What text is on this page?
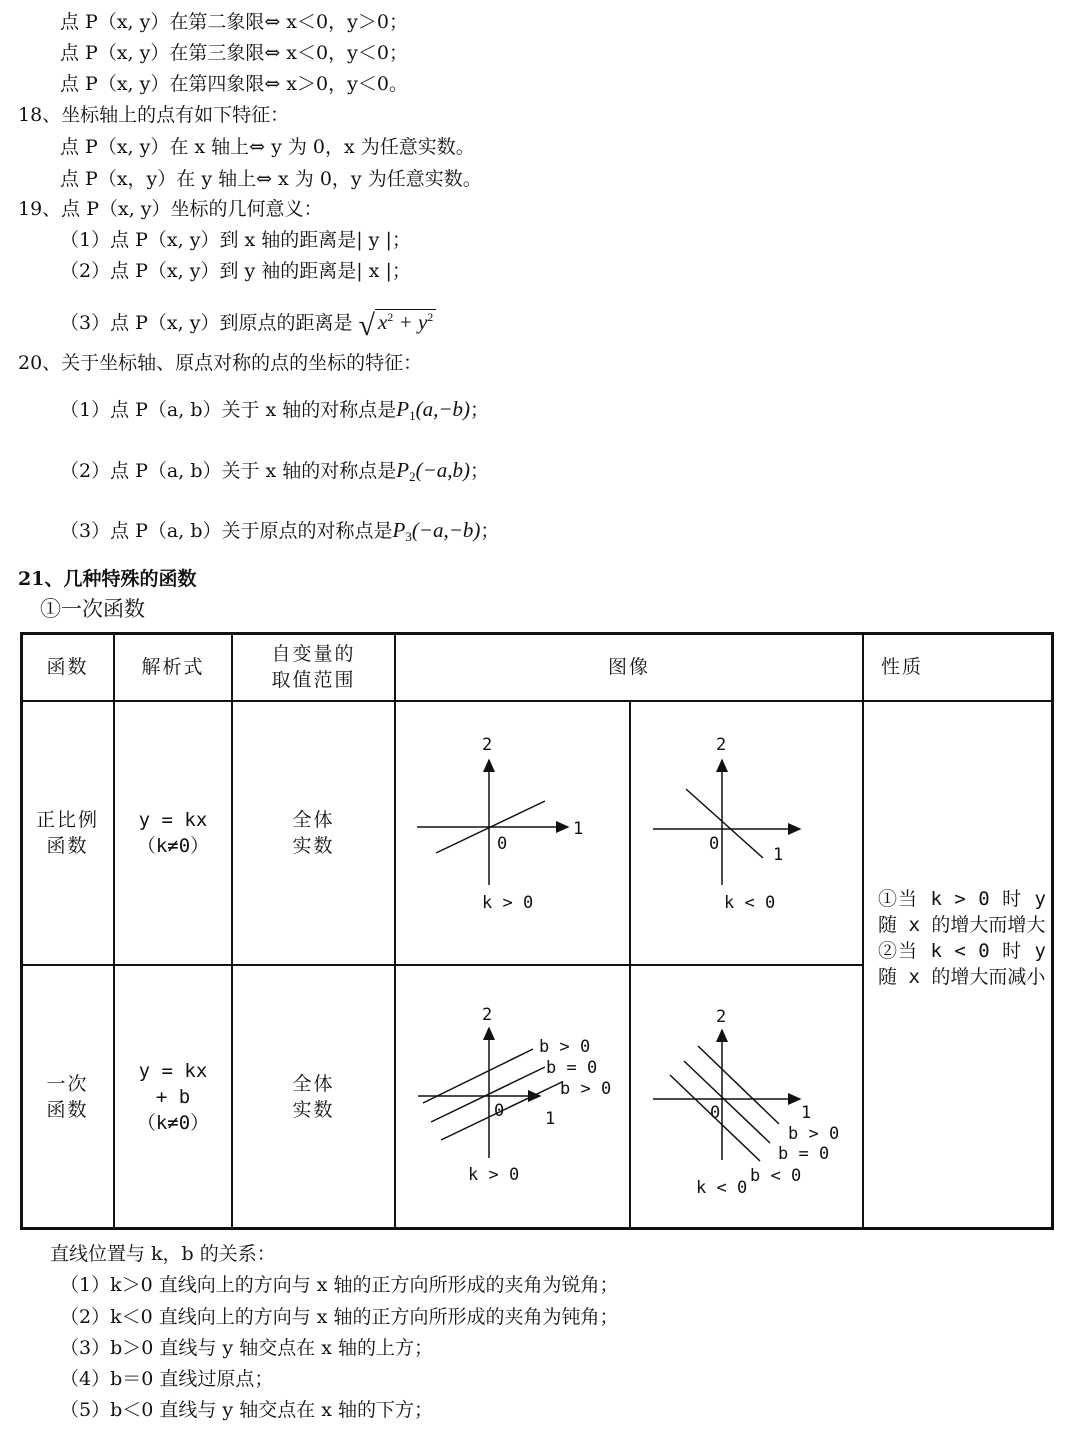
点 P（x, y）在第二象限⇔ x＜0，y＞0；
点 P（x, y）在第三象限⇔ x＜0，y＜0；
点 P（x, y）在第四象限⇔ x＞0，y＜0。
18、坐标轴上的点有如下特征：
点 P（x, y）在 x 轴上⇔ y 为 0，x 为任意实数。
点 P（x，y）在 y 轴上⇔ x 为 0，y 为任意实数。
19、点 P（x, y）坐标的几何意义：
（1）点 P（x, y）到 x 轴的距离是| y |；
（2）点 P（x, y）到 y 袖的距离是| x |；
（3）点 P（x, y）到原点的距离是 √ $x^2 + y^2$
20、关于坐标轴、原点对称的点的坐标的特征：
（1）点 P（a, b）关于 x 轴的对称点是$P_1(a,-b)$；
（2）点 P（a, b）关于 x 轴的对称点是$P_2(-a,b)$；
（3）点 P（a, b）关于原点的对称点是$P_3(-a,-b)$；
21、几种特殊的函数
①一次函数
函数	解析式
自变量的
取值范围
图像	性质
正比例
函数
y = kx
（k≠0）
全体
实数
一次
函数
y = kx
+ b
（k≠0）
全体
实数
①当 k > 0 时 y 随 x 的增大而增大
②当 k < 0 时 y 随 x 的增大而减小
2
1
0
k > 0
2
1
0
k < 0
2
1
0
b > 0
b = 0
b > 0
k > 0
2
1
0
b > 0
b = 0
b < 0
k < 0
直线位置与 k，b 的关系：
（1）k＞0 直线向上的方向与 x 轴的正方向所形成的夹角为锐角；
（2）k＜0 直线向上的方向与 x 轴的正方向所形成的夹角为钝角；
（3）b＞0 直线与 y 轴交点在 x 轴的上方；
（4）b＝0 直线过原点；
（5）b＜0 直线与 y 轴交点在 x 轴的下方；
